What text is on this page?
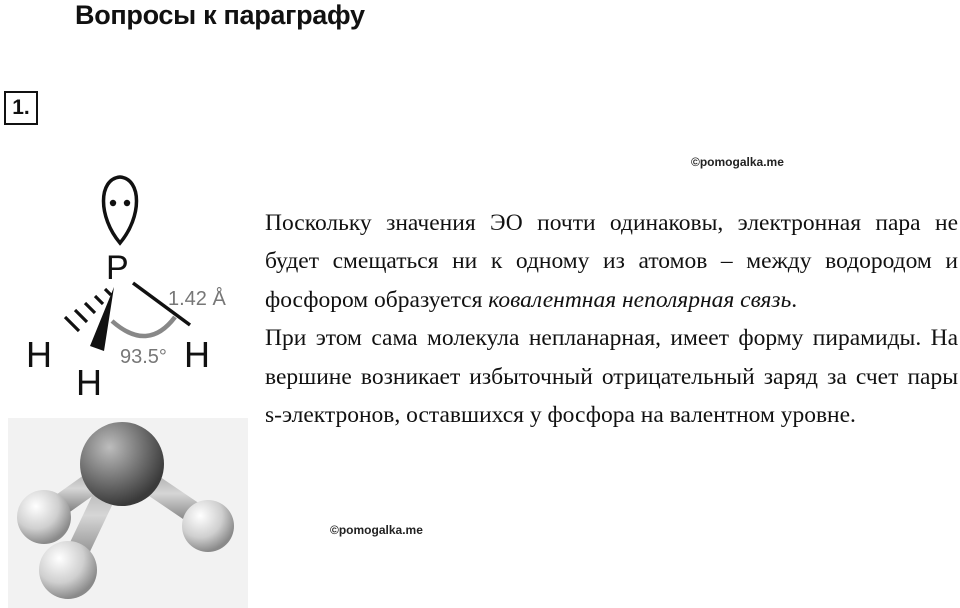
Вопросы к параграфу
1.
©pomogalka.me
P
1.42 Å
93.5°
H	H
H

Поскольку значения ЭО почти одинаковы, электронная пара не будет смещаться ни к одному из атомов – между водородом и фосфором образуется ковалентная неполярная связь.

При этом сама молекула непланарная, имеет форму пирамиды. На вершине возникает избыточный отрицательный заряд за счет пары s-электронов, оставшихся у фосфора на валентном уровне.

©pomogalka.me
